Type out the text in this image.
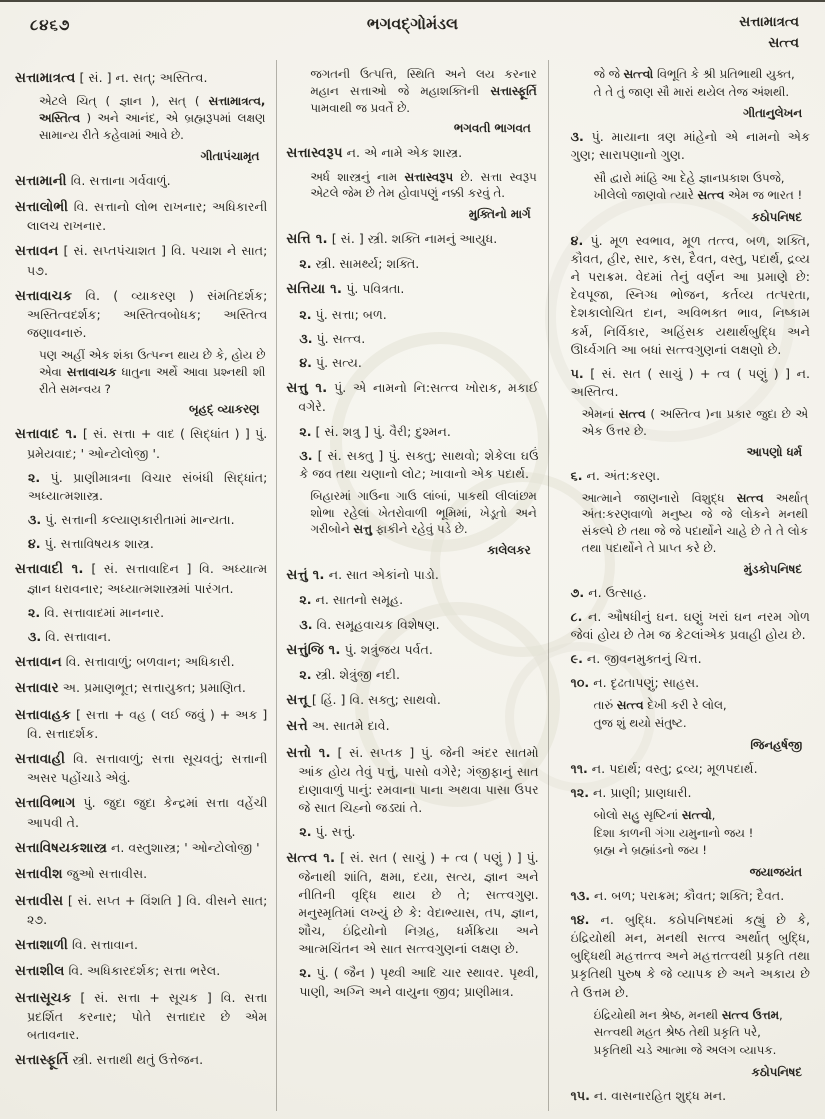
૮૪૬૭	ભગવદ્ગોમંડલ	સત્તામાત્રત્વ
સત્ત્વ

સત્તામાત્રત્વ [ સં. ] ન. સત્; અસ્તિત્વ.

એટલે ચિત્ ( જ્ઞાન ), સત્ ( સત્તામાત્રત્વ, અસ્તિત્વ ) અને આનંદ, એ બ્રહ્મરૂપમાં લક્ષણ સામાન્ય રીતે કહેવામાં આવે છે.

ગીતાપંચામૃત

સત્તામાની વિ. સત્તાના ગર્વવાળું.

સત્તાલોભી વિ. સત્તાનો લોભ રાખનાર; અધિકારની લાલચ રાખનાર.

સત્તાવન [ સં. સપ્તપંચાશત ] વિ. પચાશ ને સાત; ૫૭.

સત્તાવાચક વિ. ( વ્યાકરણ ) સંમતિદર્શક; અસ્તિત્વદર્શક; અસ્તિત્વબોધક; અસ્તિત્વ જણાવનારું.

પણ અહીં એક શંકા ઉત્પન્ન થાય છે કે, હોય છે એવા સત્તાવાચક ધાતુના અર્થે આવા પ્રશ્નથી શી રીતે સમન્વય ?

બૃહદ્ વ્યાકરણ

સત્તાવાદ ૧. [ સં. સત્તા + વાદ ( સિદ્ધાંત ) ] પું. પ્રમેયવાદ; ' ઓન્ટોલોજી '.

૨. પું. પ્રાણીમાત્રના વિચાર સંબંધી સિદ્ધાંત; અધ્યાત્મશાસ્ત્ર.

૩. પું. સત્તાની કલ્યાણકારીતામાં માન્યતા.

૪. પું. સત્તાવિષયક શાસ્ત્ર.

સત્તાવાદી ૧. [ સં. સત્તાવાદિન ] વિ. અધ્યાત્મ જ્ઞાન ધરાવનાર; અધ્યાત્મશાસ્ત્રમાં પારંગત.

૨. વિ. સત્તાવાદમાં માનનાર.

૩. વિ. સત્તાવાન.

સત્તાવાન વિ. સત્તાવાળું; બળવાન; અધિકારી.

સત્તાવાર અ. પ્રમાણભૂત; સત્તાયુક્ત; પ્રમાણિત.

સત્તાવાહક [ સત્તા + વહ ( લઈ જવું ) + અક ] વિ. સત્તાદર્શક.

સત્તાવાહી વિ. સત્તાવાળું; સત્તા સૂચવતું; સત્તાની અસર પહોંચાડે એવું.

સત્તાવિભાગ પું. જુદા જુદા કેન્દ્રમાં સત્તા વહેંચી આપવી તે.

સત્તાવિષયકશાસ્ત્ર ન. વસ્તુશાસ્ત્ર; ' ઓન્ટોલોજી '

સત્તાવીશ જુઓ સત્તાવીસ.

સત્તાવીસ [ સં. સપ્ત + વિંશતિ ] વિ. વીસને સાત; ૨૭.

સત્તાશાળી વિ. સત્તાવાન.

સત્તાશીલ વિ. અધિકારદર્શક; સત્તા ભરેલ.

સત્તાસૂચક [ સં. સત્તા + સૂચક ] વિ. સત્તા પ્રદર્શિત કરનાર; પોતે સત્તાદાર છે એમ બતાવનાર.

સત્તાસ્ફૂર્તિ સ્ત્રી. સત્તાથી થતું ઉત્તેજન.

જગતની ઉત્પત્તિ, સ્થિતિ અને લય કરનાર મહાન સત્તાઓ જે મહાશક્તિની સત્તાસ્ફૂર્તિ પામવાથી જ પ્રવર્તે છે.

ભગવતી ભાગવત

સત્તાસ્વરૂપ ન. એ નામે એક શાસ્ત્ર.

અર્ધ શાસ્ત્રનું નામ સત્તાસ્વરૂપ છે. સત્તા સ્વરૂપ એટલે જેમ છે તેમ હોવાપણું નક્કી કરવું તે.

મુક્તિનો માર્ગ

સત્તિ ૧. [ સં. ] સ્ત્રી. શક્તિ નામનું આયુધ.

૨. સ્ત્રી. સામર્થ્ય; શક્તિ.

સત્તિયા ૧. પું. પવિત્રતા.

૨. પું. સત્તા; બળ.

૩. પું. સત્ત્વ.

૪. પું. સત્ય.

સત્તુ ૧. પું. એ નામનો નિ:સત્ત્વ ખોરાક, મકાઈ વગેરે.

૨. [ સં. શત્રુ ] પું. વૈરી; દુશ્મન.

૩. [ સં. સક્તુ ] પું. સક્તુ; સાથવો; શેકેલા ઘઉં કે જવ તથા ચણાનો લોટ; ખાવાનો એક પદાર્થ.

બિહારમાં ગાઉના ગાઉ લાંબાં, પાકથી લીલાંછમ શોભા રહેલાં ખેતરોવાળી ભૂમિમાં, ખેડૂતો અને ગરીબોને સત્તુ ફાકીને રહેવું પડે છે.

કાલેલકર

સત્તું ૧. ન. સાત એકાંનો પાડો.

૨. ન. સાતનો સમૂહ.

૩. વિ. સમૂહવાચક વિશેષણ.

સત્તુંજિ ૧. પું. શત્રુંજય પર્વત.

૨. સ્ત્રી. શેત્રુંજી નદી.

સત્તૂ [ હિં. ] વિ. સક્તુ; સાથવો.

સત્તે અ. સાતમે દાવે.

સત્તો ૧. [ સં. સપ્તક ] પું. જેની અંદર સાતમો આંક હોય તેવું પત્તું, પાસો વગેરે; ગંજીફાનું સાત દાણાવાળું પાનું: રમવાના પાના અથવા પાસા ઉપર જે સાત ચિહ્નો જડ્યાં તે.

૨. પું. સત્તું.

સત્ત્વ ૧. [ સં. સત ( સાચું ) + ત્વ ( પણું ) ] પું. જેનાથી શાંતિ, ક્ષમા, દયા, સત્ય, જ્ઞાન અને નીતિની વૃદ્ધિ થાય છે તે; સત્ત્વગુણ. મનુસ્મૃતિમાં લખ્યું છે કે: વેદાભ્યાસ, તપ, જ્ઞાન, શૌચ, ઇંદ્રિયોનો નિગ્રહ, ધર્મક્રિયા અને આત્મચિંતન એ સાત સત્ત્વગુણનાં લક્ષણ છે.

૨. પું. ( જૈન ) પૃથ્વી આદિ ચાર સ્થાવર. પૃથ્વી, પાણી, અગ્નિ અને વાયુના જીવ; પ્રાણીમાત્ર.

જે જે સત્ત્વો વિભૂતિ કે શ્રી પ્રતિભાથી યુક્ત,
તે તે તું જાણ સૌ મારાં થયેલ તેજ અંશથી.

ગીતાનુલેખન

૩. પું. માયાના ત્રણ માંહેનો એ નામનો એક ગુણ; સારાપણાનો ગુણ.

સૌ દ્વારો માંહિ આ દેહે જ્ઞાનપ્રકાશ ઉપજે,
ખીલેલો જાણવો ત્યારે સત્ત્વ એમ જ ભારત !

કઠોપનિષદ

૪. પું. મૂળ સ્વભાવ, મૂળ તત્ત્વ, બળ, શક્તિ, કૌવત, હીર, સાર, કસ, દૈવત, વસ્તુ, પદાર્થ, દ્રવ્ય ને પરાક્રમ. વેદમાં તેનું વર્ણન આ પ્રમાણે છે: દેવપૂજા, સ્નિગ્ધ ભોજન, કર્તવ્ય તત્પરતા, દેશકાલોચિત દાન, અવિભક્ત ભાવ, નિષ્કામ કર્મ, નિર્વિકાર, અહિંસક યથાર્થબુદ્ધિ અને ઊર્ધ્વગતિ આ બધાં સત્ત્વગુણનાં લક્ષણો છે.

૫. [ સં. સત ( સાચું ) + ત્વ ( પણું ) ] ન. અસ્તિત્વ.

એમનાં સત્ત્વ ( અસ્તિત્વ )ના પ્રકાર જુદા છે એ એક ઉત્તર છે.

આપણો ધર્મ

૬. ન. અંત:કરણ.

આત્માને જાણનારો વિશુદ્ધ સત્ત્વ અર્થાત્ અંત:કરણવાળો મનુષ્ય જે જે લોકને મનથી સંકલ્પે છે તથા જે જે પદાર્થોને ચાહે છે તે તે લોક તથા પદાર્થોને તે પ્રાપ્ત કરે છે.

મુંડકોપનિષદ

૭. ન. ઉત્સાહ.

૮. ન. ઔષધીનું ઘન. ઘણું ખરાં ઘન નરમ ગોળ જેવાં હોય છે તેમ જ કેટલાંએક પ્રવાહી હોય છે.

૯. ન. જીવનમુક્તનું ચિત્ત.

૧૦. ન. દૃઢતાપણું; સાહસ.

તારું સત્ત્વ દેખી કરી રે લોલ,
તુજ શું થયો સંતુષ્ટ.

જિનહર્ષજી

૧૧. ન. પદાર્થ; વસ્તુ; દ્રવ્ય; મૂળપદાર્થ.

૧૨. ન. પ્રાણી; પ્રાણધારી.

બોલો સહુ સૃષ્ટિનાં સત્ત્વો,
દિશા કાળની ગંગા યમુનાનો જય !
બ્રહ્મ ને બ્રહ્માંડનો જય !

જયાજયંત

૧૩. ન. બળ; પરાક્રમ; કૌવત; શક્તિ; દૈવત.

૧૪. ન. બુદ્ધિ. કઠોપનિષદમાં કહ્યું છે કે, ઇંદ્રિયોથી મન, મનથી સત્ત્વ અર્થાત્ બુદ્ધિ, બુદ્ધિથી મહત્તત્ત્વ અને મહત્તત્ત્વથી પ્રકૃતિ તથા પ્રકૃતિથી પુરુષ કે જે વ્યાપક છે અને અકાય છે તે ઉત્તમ છે.

ઇંદ્રિયોથી મન શ્રેષ્ઠ, મનથી સત્ત્વ ઉત્તમ,
સત્ત્વથી મહત શ્રેષ્ઠ તેથી પ્રકૃતિ પરે,
પ્રકૃતિથી ચડે આત્મા જે અલગ વ્યાપક.

કઠોપનિષદ

૧૫. ન. વાસનારહિત શુદ્ધ મન.
